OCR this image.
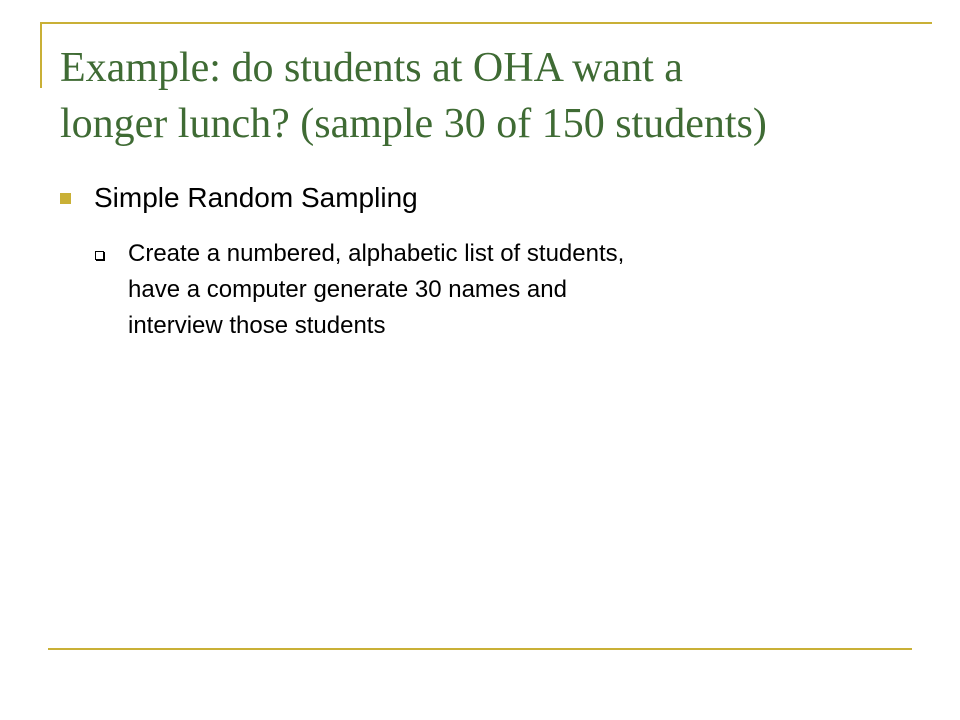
Example: do students at OHA want a
longer lunch? (sample 30 of 150 students)
Simple Random Sampling
Create a numbered, alphabetic list of students,
have a computer generate 30 names and
interview those students
